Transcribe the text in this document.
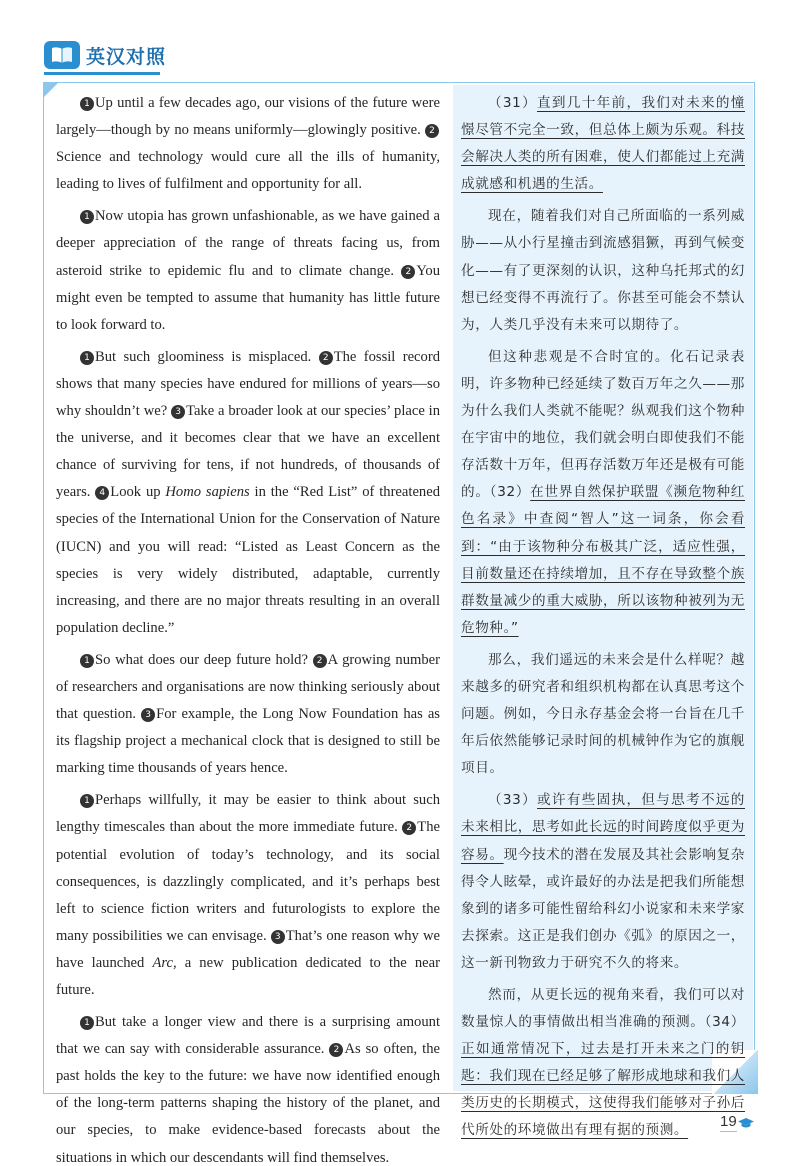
英汉对照

1 Up until a few decades ago, our visions of the future were largely—though by no means uniformly—glowingly positive. 2Science and technology would cure all the ills of humanity, leading to lives of fulfilment and opportunity for all.

1 Now utopia has grown unfashionable, as we have gained a deeper appreciation of the range of threats facing us, from asteroid strike to epidemic flu and to climate change. 2 You might even be tempted to assume that humanity has little future to look forward to.

1 But such gloominess is misplaced. 2 The fossil record shows that many species have endured for millions of years—so why shouldn’t we? 3 Take a broader look at our species’ place in the universe, and it becomes clear that we have an excellent chance of surviving for tens, if not hundreds, of thousands of years. 4 Look up Homo sapiens in the “Red List” of threatened species of the International Union for the Conservation of Nature (IUCN) and you will read: “Listed as Least Concern as the species is very widely distributed, adaptable, currently increasing, and there are no major threats resulting in an overall population decline.”

1 So what does our deep future hold? 2 A growing number of researchers and organisations are now thinking seriously about that question. 3 For example, the Long Now Foundation has as its flagship project a mechanical clock that is designed to still be marking time thousands of years hence.

1 Perhaps willfully, it may be easier to think about such lengthy timescales than about the more immediate future. 2 The potential evolution of today’s technology, and its social consequences, is dazzlingly complicated, and it’s perhaps best left to science fiction writers and futurologists to explore the many possibilities we can envisage. 3 That’s one reason why we have launched Arc, a new publication dedicated to the near future.

1 But take a longer view and there is a surprising amount that we can say with considerable assurance. 2 As so often, the past holds the key to the future: we have now identified enough of the long-term patterns shaping the history of the planet, and our species, to make evidence-based forecasts about the situations in which our descendants will find themselves.

（31）直到几十年前，我们对未来的憧憬尽管不完全一致，但总体上颇为乐观。科技会解决人类的所有困难，使人们都能过上充满成就感和机遇的生活。

现在，随着我们对自己所面临的一系列威胁——从小行星撞击到流感猖獗，再到气候变化——有了更深刻的认识，这种乌托邦式的幻想已经变得不再流行了。你甚至可能会不禁认为，人类几乎没有未来可以期待了。

但这种悲观是不合时宜的。化石记录表明，许多物种已经延续了数百万年之久——那为什么我们人类就不能呢？纵观我们这个物种在宇宙中的地位，我们就会明白即使我们不能存活数十万年，但再存活数万年还是极有可能的。（32）在世界自然保护联盟《濒危物种红色名录》中查阅“智人”这一词条，你会看到：“由于该物种分布极其广泛，适应性强，目前数量还在持续增加，且不存在导致整个族群数量减少的重大威胁，所以该物种被列为无危物种。”

那么，我们遥远的未来会是什么样呢？越来越多的研究者和组织机构都在认真思考这个问题。例如，今日永存基金会将一台旨在几千年后依然能够记录时间的机械钟作为它的旗舰项目。

（33）或许有些固执，但与思考不远的未来相比，思考如此长远的时间跨度似乎更为容易。现今技术的潜在发展及其社会影响复杂得令人眩晕，或许最好的办法是把我们所能想象到的诸多可能性留给科幻小说家和未来学家去探索。这正是我们创办《弧》的原因之一，这一新刊物致力于研究不久的将来。

然而，从更长远的视角来看，我们可以对数量惊人的事情做出相当准确的预测。（34）正如通常情况下，过去是打开未来之门的钥匙：我们现在已经足够了解形成地球和我们人类历史的长期模式，这使得我们能够对子孙后代所处的环境做出有理有据的预测。

19
